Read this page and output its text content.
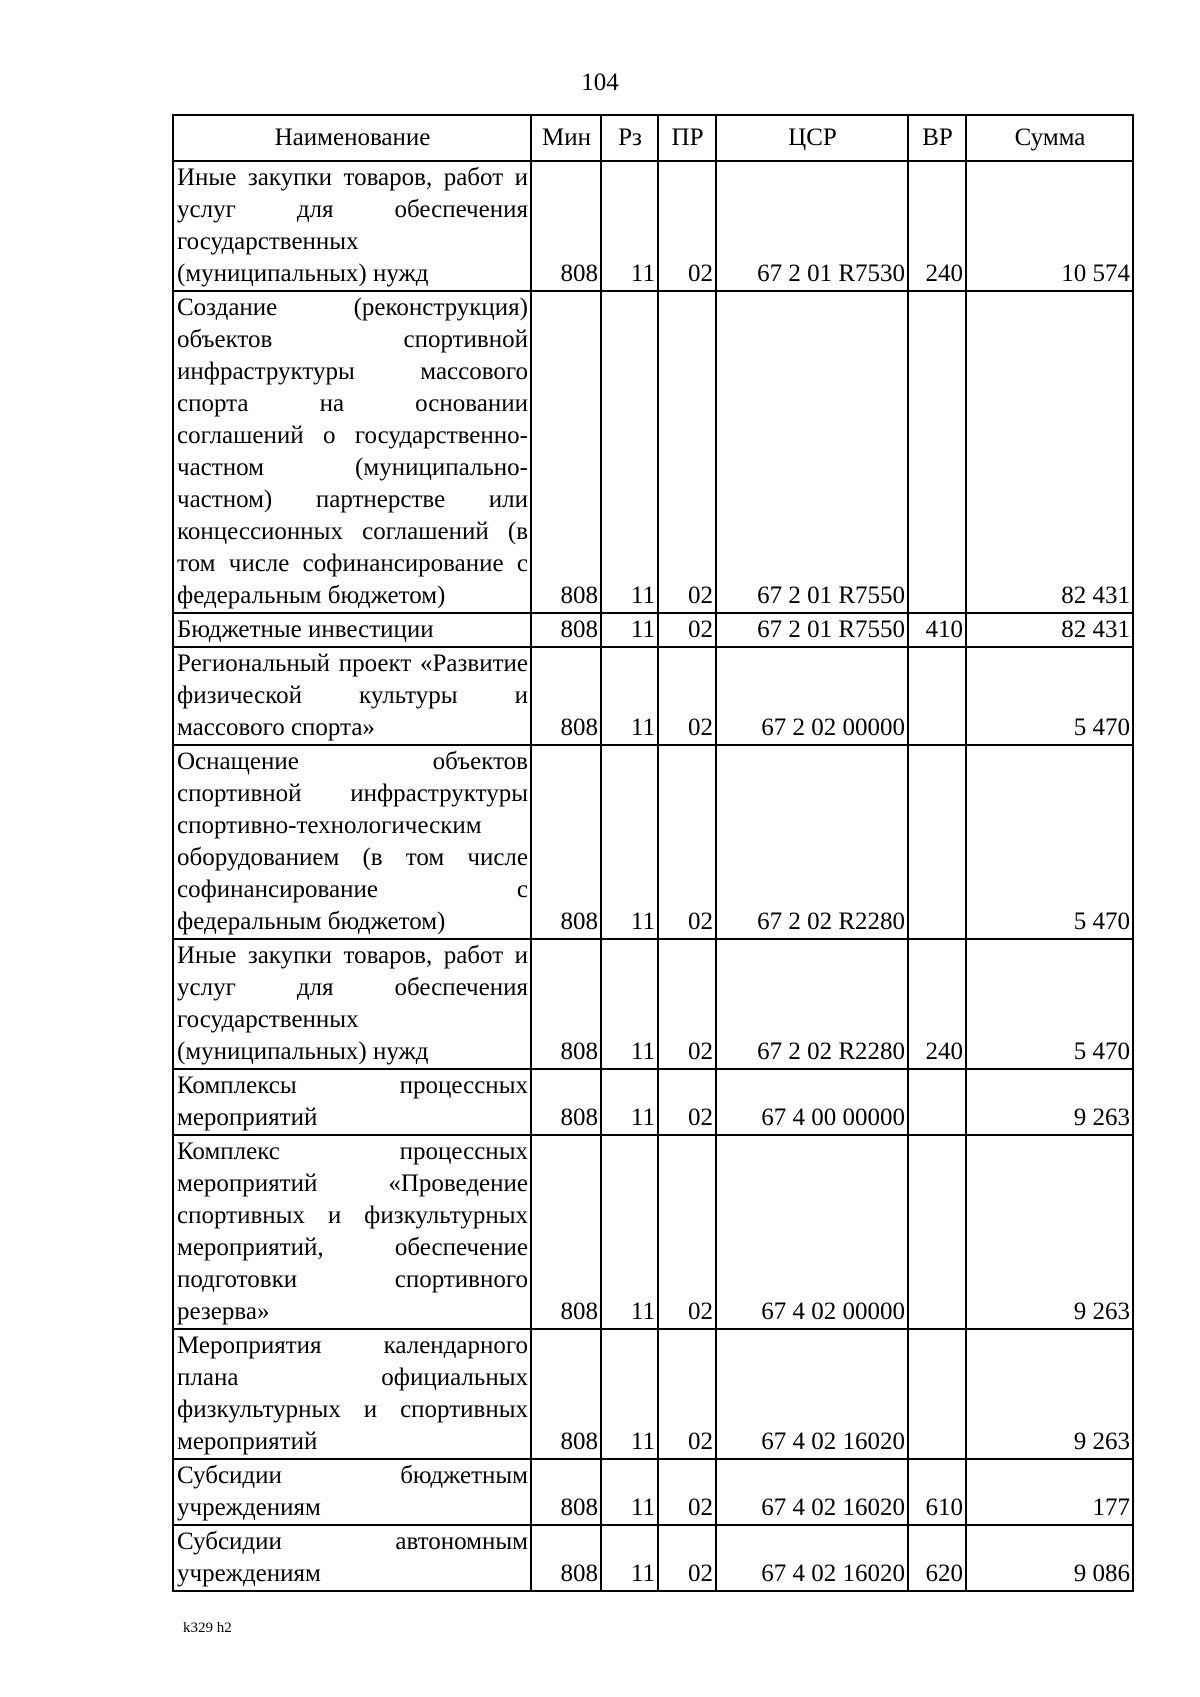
104
Наименование	Мин	Рз	ПР	ЦСР	ВР	Сумма
Иные закупки товаров, работ и услуг для обеспечения государственных (муниципальных) нужд	808	11	02	67 2 01 R7530	240	10 574
Создание (реконструкция) объектов спортивной инфраструктуры массового спорта на основании соглашений о государственно-частном (муниципально-частном) партнерстве или концессионных соглашений (в том числе софинансирование с федеральным бюджетом)	808	11	02	67 2 01 R7550		82 431
Бюджетные инвестиции	808	11	02	67 2 01 R7550	410	82 431
Региональный проект «Развитие физической культуры и массового спорта»	808	11	02	67 2 02 00000		5 470
Оснащение объектов спортивной инфраструктуры спортивно-технологическим оборудованием (в том числе софинансирование с федеральным бюджетом)	808	11	02	67 2 02 R2280		5 470
Иные закупки товаров, работ и услуг для обеспечения государственных (муниципальных) нужд	808	11	02	67 2 02 R2280	240	5 470
Комплексы процессных мероприятий	808	11	02	67 4 00 00000		9 263
Комплекс процессных мероприятий «Проведение спортивных и физкультурных мероприятий, обеспечение подготовки спортивного резерва»	808	11	02	67 4 02 00000		9 263
Мероприятия календарного плана официальных физкультурных и спортивных мероприятий	808	11	02	67 4 02 16020		9 263
Субсидии бюджетным учреждениям	808	11	02	67 4 02 16020	610	177
Субсидии автономным учреждениям	808	11	02	67 4 02 16020	620	9 086
k329 h2
